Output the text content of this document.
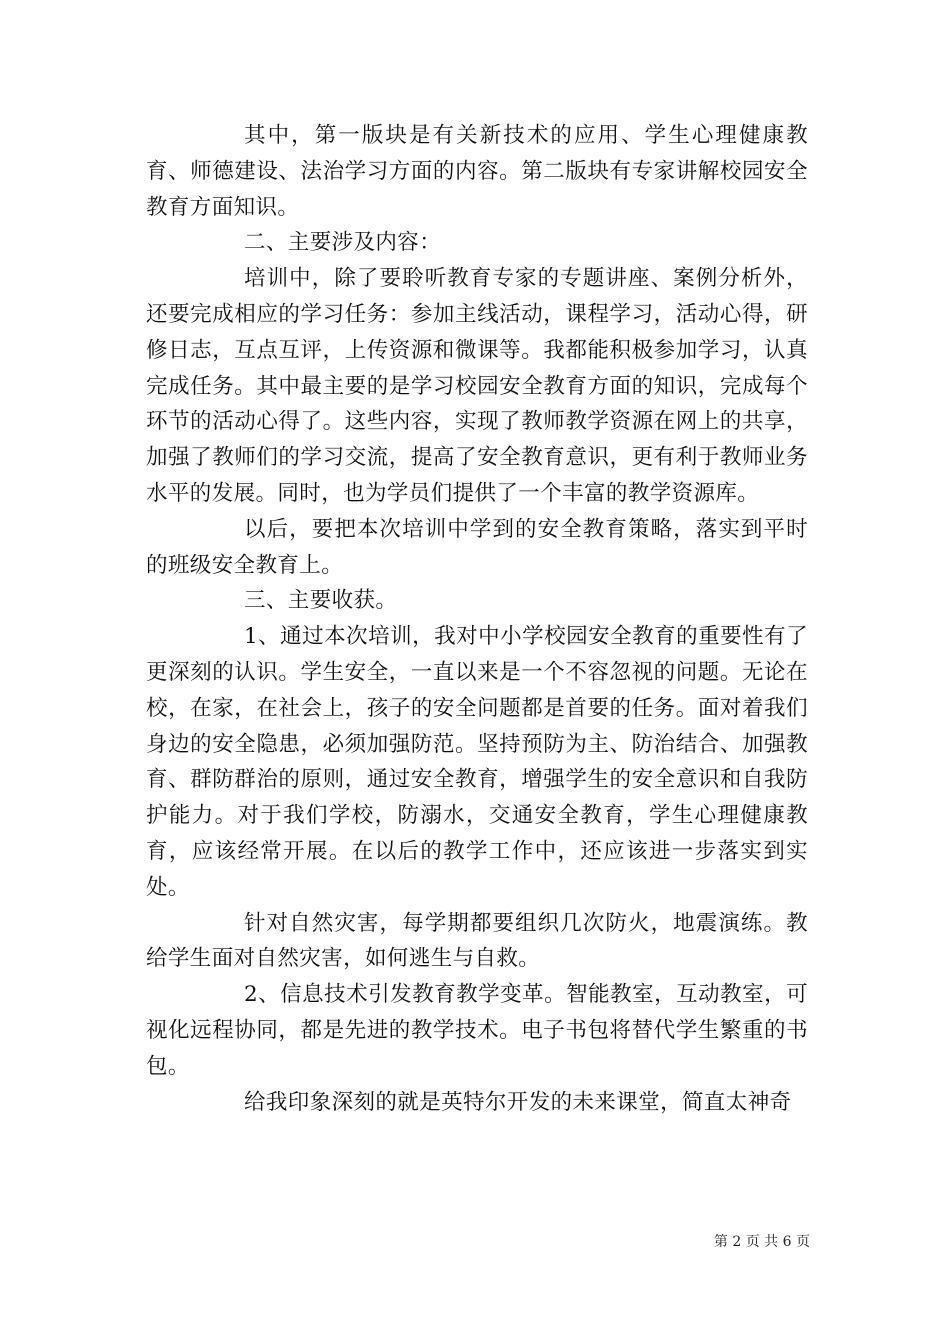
其中，第一版块是有关新技术的应用、学生心理健康教育、师德建设、法治学习方面的内容。第二版块有专家讲解校园安全教育方面知识。

二、主要涉及内容：

培训中，除了要聆听教育专家的专题讲座、案例分析外，还要完成相应的学习任务：参加主线活动，课程学习，活动心得，研修日志，互点互评，上传资源和微课等。我都能积极参加学习，认真完成任务。其中最主要的是学习校园安全教育方面的知识，完成每个环节的活动心得了。这些内容，实现了教师教学资源在网上的共享，加强了教师们的学习交流，提高了安全教育意识，更有利于教师业务水平的发展。同时，也为学员们提供了一个丰富的教学资源库。

以后，要把本次培训中学到的安全教育策略，落实到平时的班级安全教育上。

三、主要收获。

1、通过本次培训，我对中小学校园安全教育的重要性有了更深刻的认识。学生安全，一直以来是一个不容忽视的问题。无论在校，在家，在社会上，孩子的安全问题都是首要的任务。面对着我们身边的安全隐患，必须加强防范。坚持预防为主、防治结合、加强教育、群防群治的原则，通过安全教育，增强学生的安全意识和自我防护能力。对于我们学校，防溺水，交通安全教育，学生心理健康教育，应该经常开展。在以后的教学工作中，还应该进一步落实到实处。

针对自然灾害，每学期都要组织几次防火，地震演练。教给学生面对自然灾害，如何逃生与自救。

2、信息技术引发教育教学变革。智能教室，互动教室，可视化远程协同，都是先进的教学技术。电子书包将替代学生繁重的书包。

给我印象深刻的就是英特尔开发的未来课堂，简直太神奇

第 2 页 共 6 页
